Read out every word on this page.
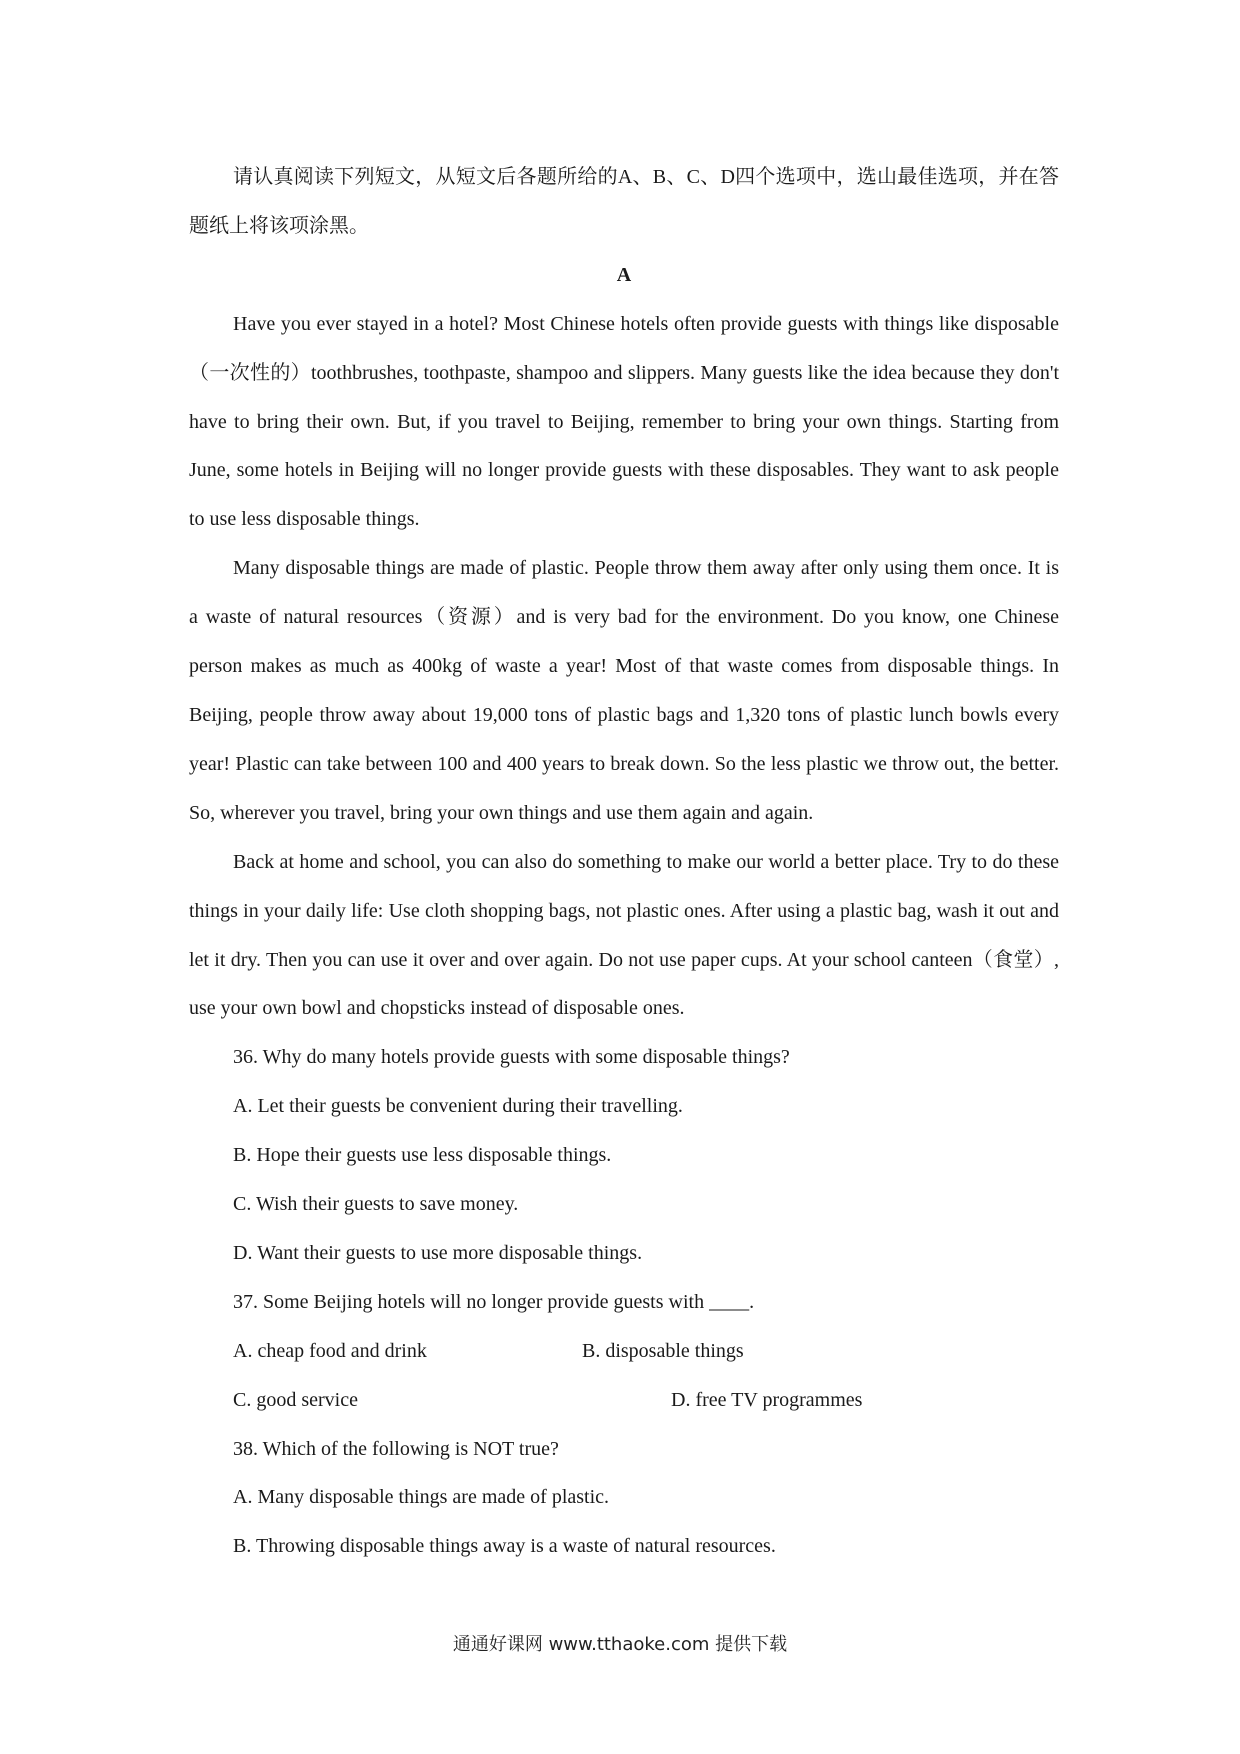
请认真阅读下列短文，从短文后各题所给的A、B、C、D四个选项中，选山最佳选项，并在答题纸上将该项涂黑。

A

Have you ever stayed in a hotel? Most Chinese hotels often provide guests with things like disposable（一次性的）toothbrushes, toothpaste, shampoo and slippers. Many guests like the idea because they don't have to bring their own. But, if you travel to Beijing, remember to bring your own things. Starting from June, some hotels in Beijing will no longer provide guests with these disposables. They want to ask people to use less disposable things.

Many disposable things are made of plastic. People throw them away after only using them once. It is a waste of natural resources（资源）and is very bad for the environment. Do you know, one Chinese person makes as much as 400kg of waste a year! Most of that waste comes from disposable things. In Beijing, people throw away about 19,000 tons of plastic bags and 1,320 tons of plastic lunch bowls every year! Plastic can take between 100 and 400 years to break down. So the less plastic we throw out, the better. So, wherever you travel, bring your own things and use them again and again.

Back at home and school, you can also do something to make our world a better place. Try to do these things in your daily life: Use cloth shopping bags, not plastic ones. After using a plastic bag, wash it out and let it dry. Then you can use it over and over again. Do not use paper cups. At your school canteen（食堂）, use your own bowl and chopsticks instead of disposable ones.

36. Why do many hotels provide guests with some disposable things?

A. Let their guests be convenient during their travelling.

B. Hope their guests use less disposable things.

C. Wish their guests to save money.

D. Want their guests to use more disposable things.

37. Some Beijing hotels will no longer provide guests with ____.

A. cheap food and drink	B. disposable things
C. good service	D. free TV programmes

38. Which of the following is NOT true?

A. Many disposable things are made of plastic.

B. Throwing disposable things away is a waste of natural resources.

通通好课网 www.tthaoke.com 提供下载
